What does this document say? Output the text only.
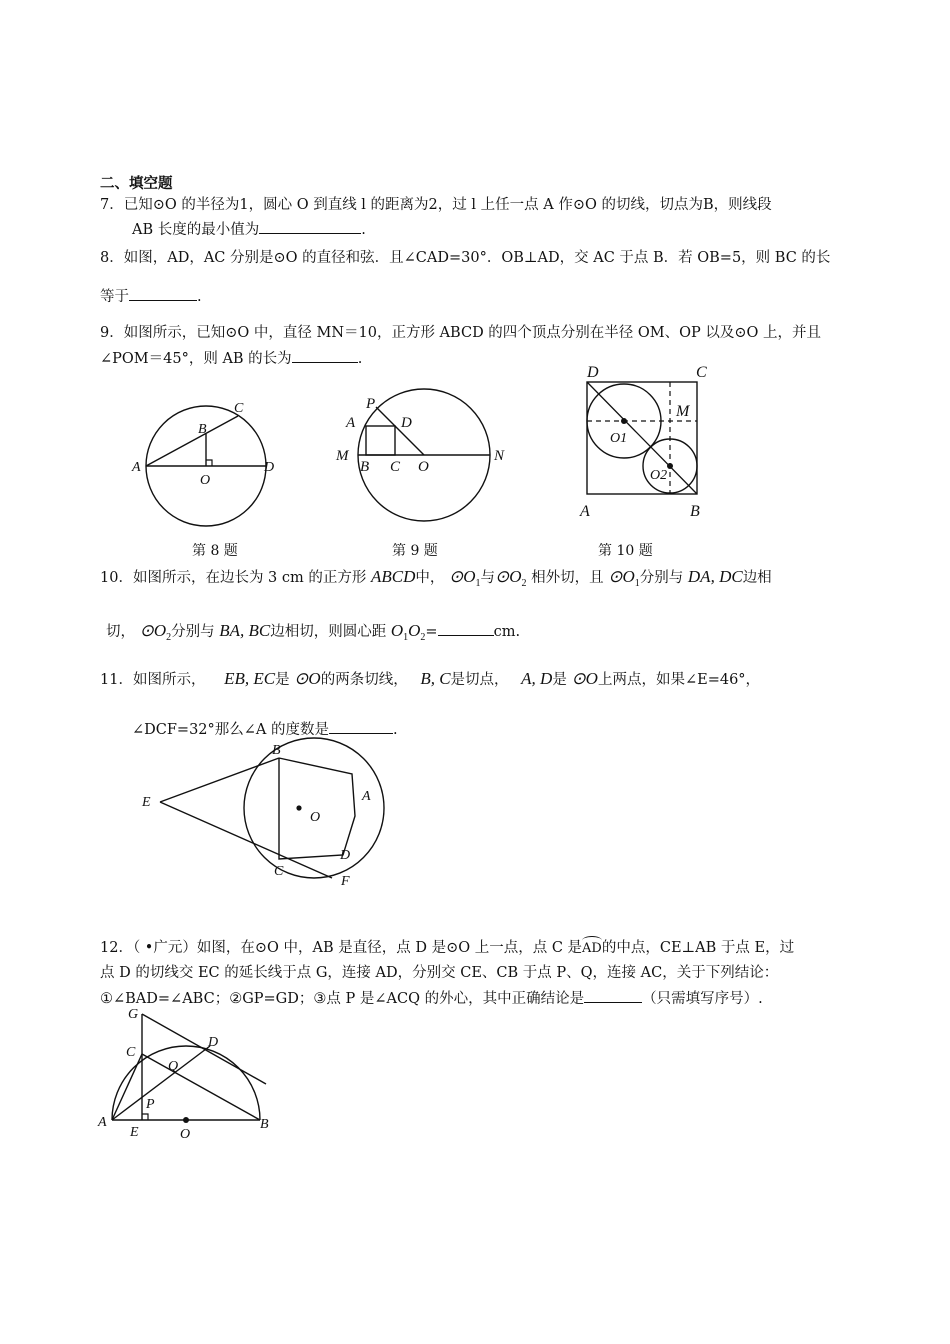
二、填空题
7．已知⊙O 的半径为1，圆心 O 到直线 l 的距离为2，过 l 上任一点 A 作⊙O 的切线，切点为B，则线段
AB 长度的最小值为	.
8．如图，AD，AC 分别是⊙O 的直径和弦．且∠CAD=30°．OB⊥AD，交 AC 于点 B．若 OB=5，则 BC 的长
等于	.
9．如图所示，已知⊙O 中，直径 MN＝10，正方形 ABCD 的四个顶点分别在半径 OM、OP 以及⊙O 上，并且
∠POM＝45°，则 AB 的长为	.
C
B
A
O
D
P
A	D
M
B C O
N
D	C
M
O1
O2
A	B
第 8 题	第 9 题	第 10 题
10．如图所示，在边长为 3 cm 的正方形 ABCD中， $⊙O_1$与$⊙O_2$ 相外切，且 $⊙O_1$分别与 DA, DC边相
切， $⊙O_2$分别与 BA, BC边相切，则圆心距 $O_1O_2=$	cm.
11．如图所示， EB, EC是 ⊙O的两条切线， B, C是切点， A, D是 ⊙O上两点，如果∠E=46°，
∠DCF=32°那么∠A 的度数是	.
B
E	A
O
D
C
F
12．（ •广元）如图，在⊙O 中，AB 是直径，点 D 是⊙O 上一点，点 C 是AD的中点，CE⊥AB 于点 E，过
点 D 的切线交 EC 的延长线于点 G，连接 AD，分别交 CE、CB 于点 P、Q，连接 AC，关于下列结论：
①∠BAD=∠ABC；②GP=GD；③点 P 是∠ACQ 的外心，其中正确结论是	（只需填写序号）.
G
C
D
Q
P
A
E	O
B
